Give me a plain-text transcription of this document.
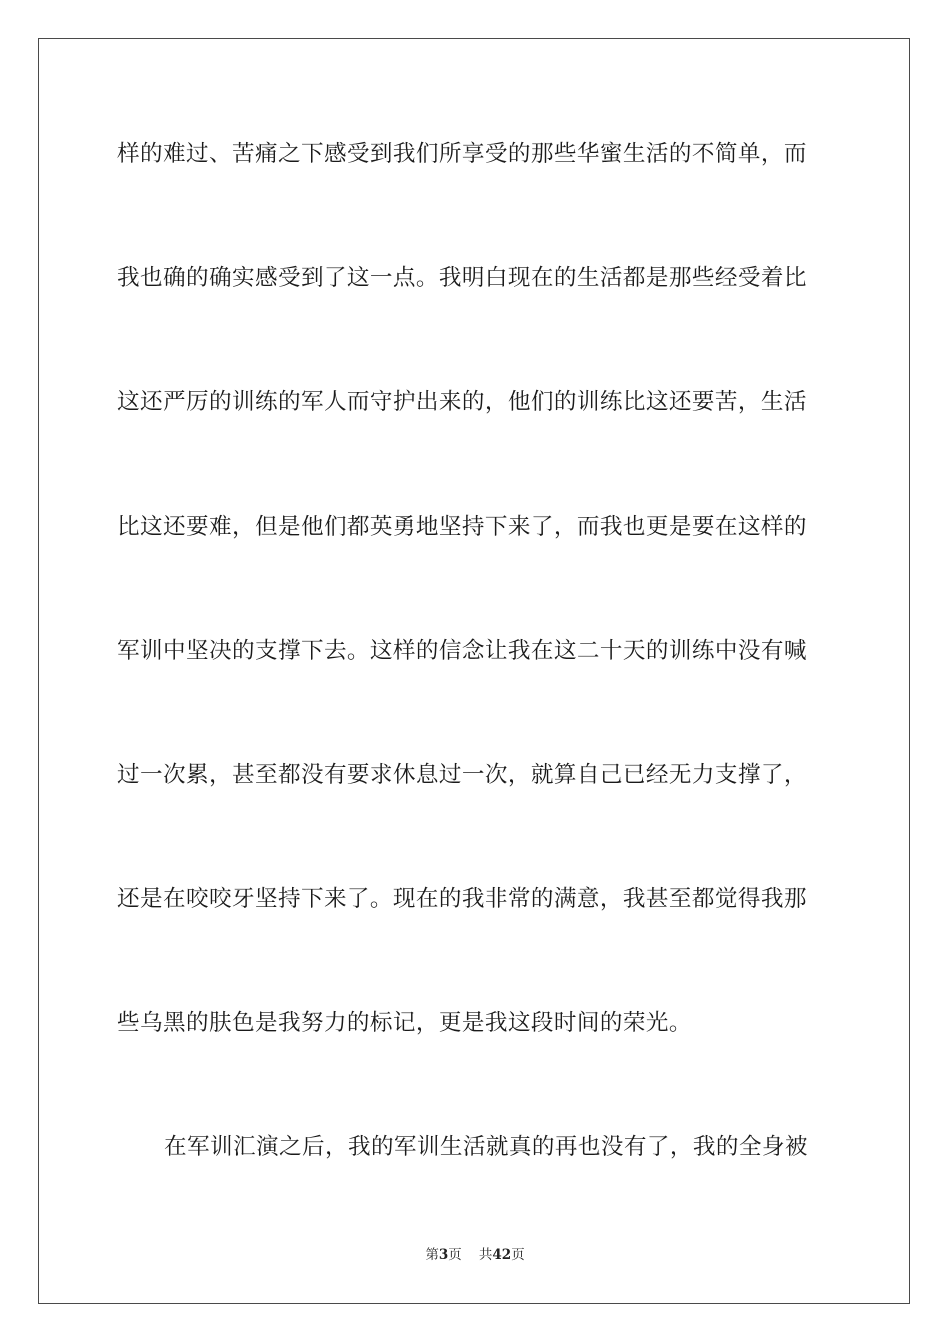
样的难过、苦痛之下感受到我们所享受的那些华蜜生活的不简单，而
我也确的确实感受到了这一点。我明白现在的生活都是那些经受着比
这还严厉的训练的军人而守护出来的，他们的训练比这还要苦，生活
比这还要难，但是他们都英勇地坚持下来了，而我也更是要在这样的
军训中坚决的支撑下去。这样的信念让我在这二十天的训练中没有喊
过一次累，甚至都没有要求休息过一次，就算自己已经无力支撑了，
还是在咬咬牙坚持下来了。现在的我非常的满意，我甚至都觉得我那
些乌黑的肤色是我努力的标记，更是我这段时间的荣光。
在军训汇演之后，我的军训生活就真的再也没有了，我的全身被
第3页 共42页
